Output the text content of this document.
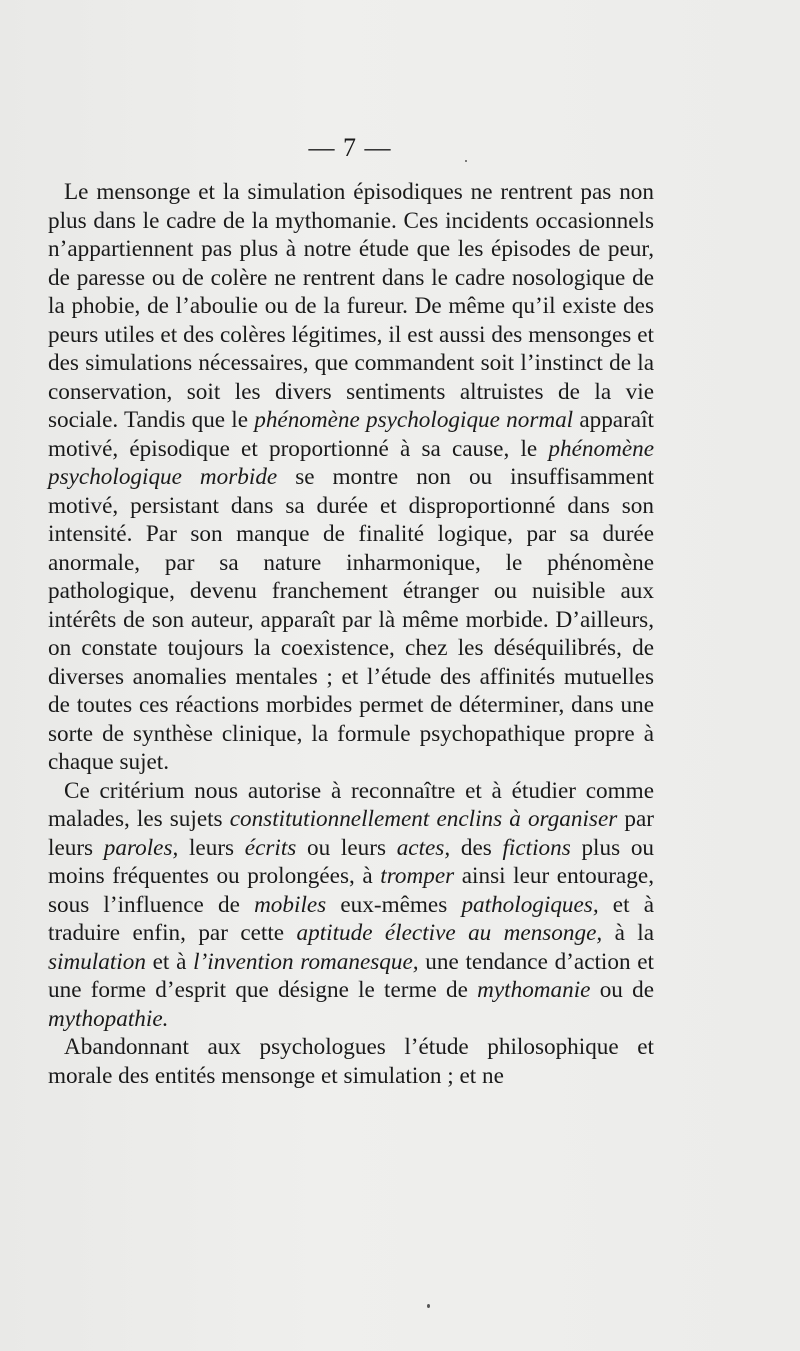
— 7 —

Le mensonge et la simulation épisodiques ne rentrent pas non plus dans le cadre de la mythomanie. Ces incidents occasionnels n’appartiennent pas plus à notre étude que les épisodes de peur, de paresse ou de colère ne rentrent dans le cadre nosologique de la phobie, de l’aboulie ou de la fureur. De même qu’il existe des peurs utiles et des colères légitimes, il est aussi des mensonges et des simulations nécessaires, que commandent soit l’instinct de la conservation, soit les divers sentiments altruistes de la vie sociale. Tandis que le phénomène psychologique normal apparaît motivé, épisodique et proportionné à sa cause, le phénomène psychologique morbide se montre non ou insuffisamment motivé, persistant dans sa durée et disproportionné dans son intensité. Par son manque de finalité logique, par sa durée anormale, par sa nature inharmonique, le phénomène pathologique, devenu franchement étranger ou nuisible aux intérêts de son auteur, apparaît par là même morbide. D’ailleurs, on constate toujours la coexistence, chez les déséquilibrés, de diverses anomalies mentales ; et l’étude des affinités mutuelles de toutes ces réactions morbides permet de déterminer, dans une sorte de synthèse clinique, la formule psychopathique propre à chaque sujet.

Ce critérium nous autorise à reconnaître et à étudier comme malades, les sujets constitutionnellement enclins à organiser par leurs paroles, leurs écrits ou leurs actes, des fictions plus ou moins fréquentes ou prolongées, à tromper ainsi leur entourage, sous l’influence de mobiles eux-mêmes pathologiques, et à traduire enfin, par cette aptitude élective au mensonge, à la simulation et à l’invention romanesque, une tendance d’action et une forme d’esprit que désigne le terme de mythomanie ou de mythopathie.

Abandonnant aux psychologues l’étude philosophique et morale des entités mensonge et simulation ; et ne
